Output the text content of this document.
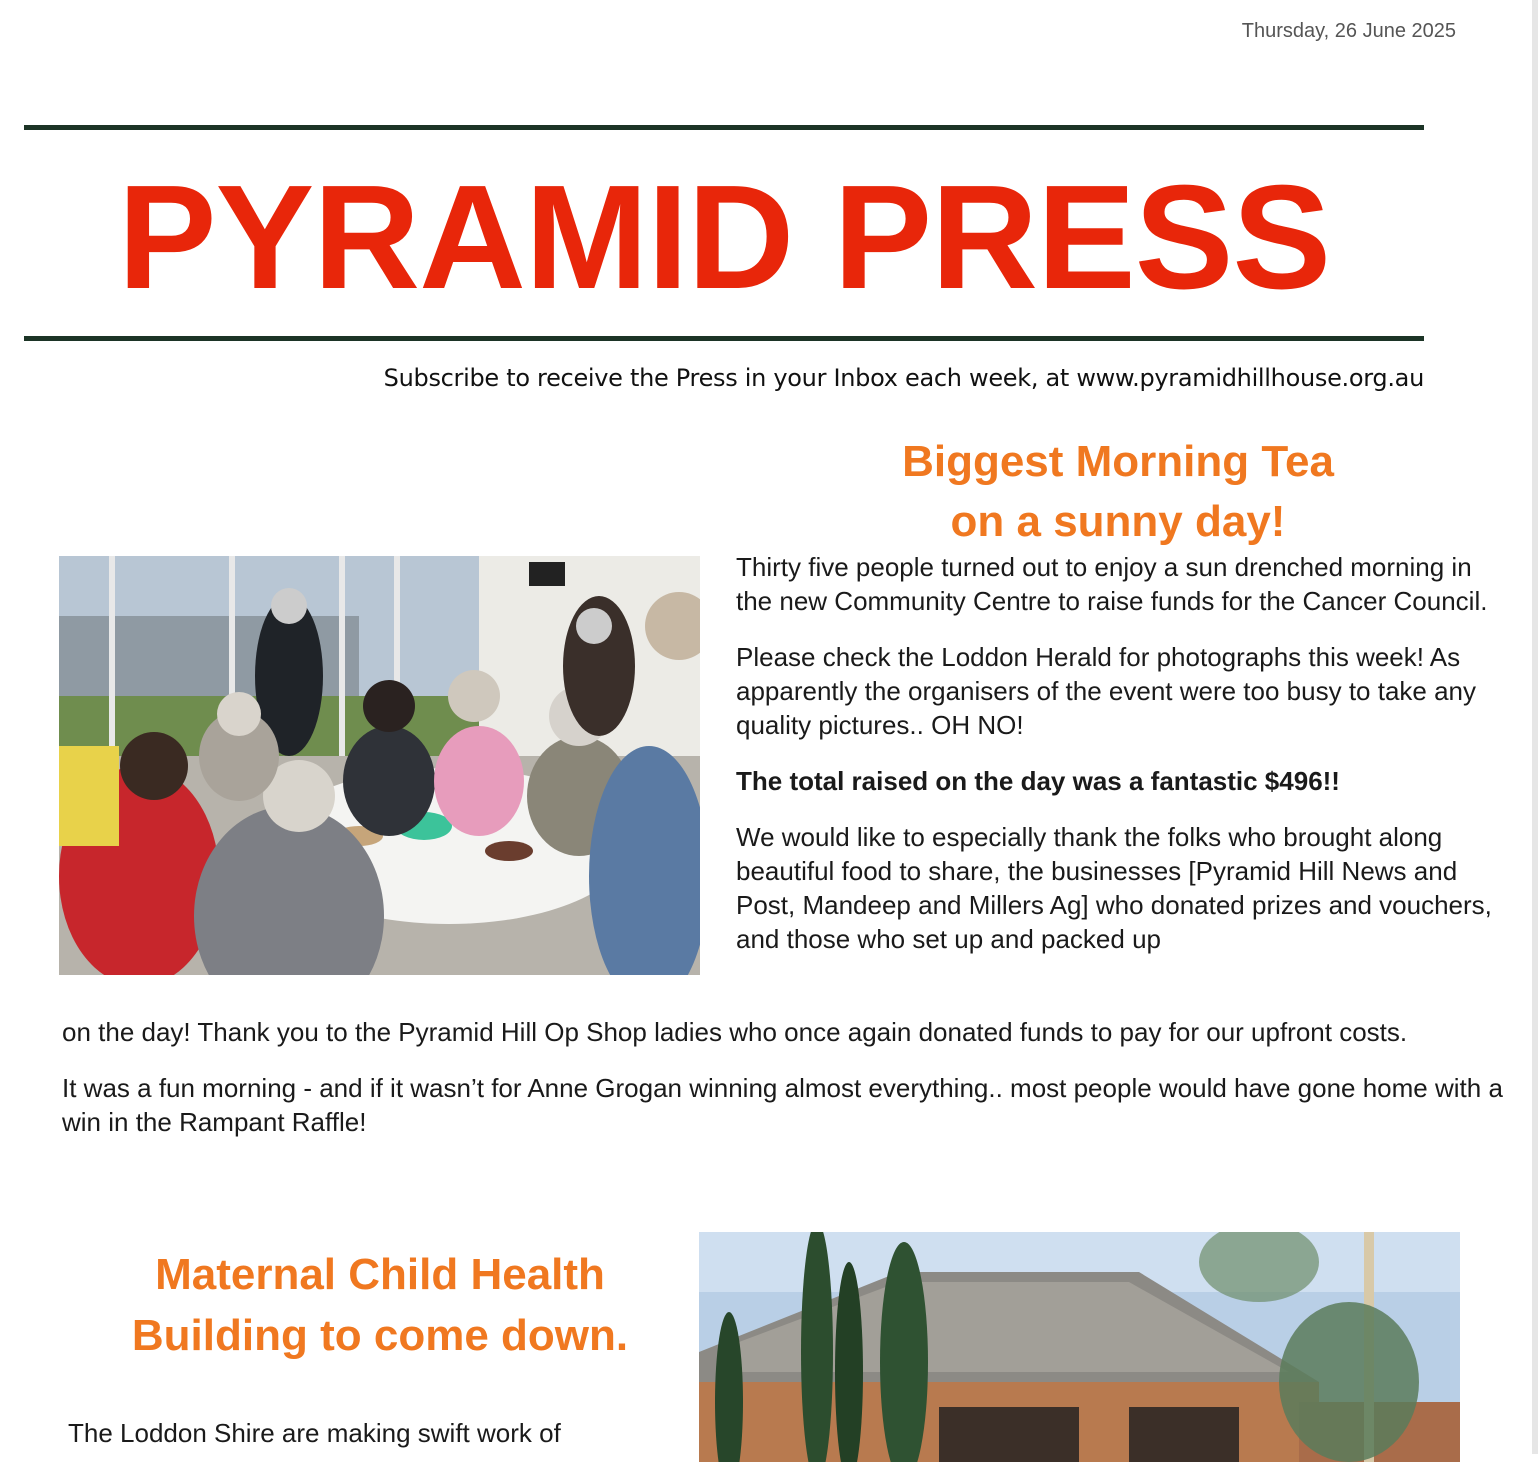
Thursday, 26 June 2025
PYRAMID PRESS
Subscribe to receive the Press in your Inbox each week, at www.pyramidhillhouse.org.au
Biggest Morning Tea
on a sunny day!

Thirty five people turned out to enjoy a sun drenched morning in the new Community Centre to raise funds for the Cancer Council.

Please check the Loddon Herald for photographs this week! As apparently the organisers of the event were too busy to take any quality pictures.. OH NO!

The total raised on the day was a fantastic $496!!

We would like to especially thank the folks who brought along beautiful food to share, the businesses [Pyramid Hill News and Post, Mandeep and Millers Ag] who donated prizes and vouchers, and those who set up and packed up

on the day! Thank you to the Pyramid Hill Op Shop ladies who once again donated funds to pay for our upfront costs.

It was a fun morning - and if it wasn’t for Anne Grogan winning almost everything.. most people would have gone home with a win in the Rampant Raffle!

Maternal Child Health
Building to come down.
The Loddon Shire are making swift work of
